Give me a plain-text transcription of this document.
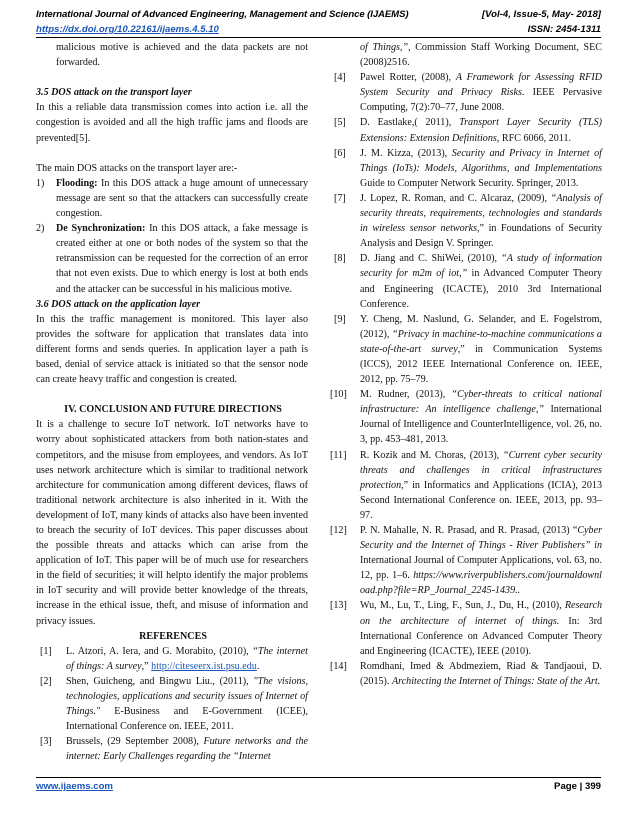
International Journal of Advanced Engineering, Management and Science (IJAEMS)	[Vol-4, Issue-5, May- 2018]
https://dx.doi.org/10.22161/ijaems.4.5.10	ISSN: 2454-1311

malicious motive is achieved and the data packets are not forwarded.

3.5 DOS attack on the transport layer

In this a reliable data transmission comes into action i.e. all the congestion is avoided and all the high traffic jams and floods are prevented[5].

The main DOS attacks on the transport layer are:-

1) Flooding: In this DOS attack a huge amount of unnecessary message are sent so that the attackers can successfully create congestion.

2) De Synchronization: In this DOS attack, a fake message is created either at one or both nodes of the system so that the retransmission can be requested for the correction of an error that not even exists. Due to which energy is lost at both ends and the attacker can be successful in his malicious motive.

3.6 DOS attack on the application layer

In this the traffic management is monitored. This layer also provides the software for application that translates data into different forms and sends queries. In application layer a path is based, denial of service attack is initiated so that the sensor node can create heavy traffic and congestion is created.

IV. CONCLUSION AND FUTURE DIRECTIONS

It is a challenge to secure IoT network. IoT networks have to worry about sophisticated attackers from both nation-states and competitors, and the misuse from employees, and vendors. As IoT uses network architecture which is similar to traditional network architecture for communication among different devices, flaws of traditional network architecture is also inherited in it. With the development of IoT, many kinds of attacks also have been invented to breach the security of IoT devices. This paper discusses about the possible threats and attacks which can arise from the application of IoT. This paper will be of much use for researchers in the field of securities; it will helpto identify the major problems in IoT security and will provide better knowledge of the threats, increase in the ethical issue, theft, and misuse of information and privacy issues.

REFERENCES

[1] L. Atzori, A. Iera, and G. Morabito, (2010), “The internet of things: A survey,” http://citeseerx.ist.psu.edu.

[2] Shen, Guicheng, and Bingwu Liu., (2011), "The visions, technologies, applications and security issues of Internet of Things." E-Business and E-Government (ICEE), International Conference on. IEEE, 2011.

[3] Brussels, (29 September 2008), Future networks and the internet: Early Challenges regarding the “Internet

of Things,”, Commission Staff Working Document, SEC (2008)2516.

[4] Pawel Rotter, (2008), A Framework for Assessing RFID System Security and Privacy Risks. IEEE Pervasive Computing, 7(2):70–77, June 2008.

[5] D. Eastlake,( 2011), Transport Layer Security (TLS) Extensions: Extension Definitions, RFC 6066, 2011.

[6] J. M. Kizza, (2013), Security and Privacy in Internet of Things (IoTs): Models, Algorithms, and Implementations Guide to Computer Network Security. Springer, 2013.

[7] J. Lopez, R. Roman, and C. Alcaraz, (2009), “Analysis of security threats, requirements, technologies and standards in wireless sensor networks,” in Foundations of Security Analysis and Design V. Springer.

[8] D. Jiang and C. ShiWei, (2010), “A study of information security for m2m of iot,” in Advanced Computer Theory and Engineering (ICACTE), 2010 3rd International Conference.

[9] Y. Cheng, M. Naslund, G. Selander, and E. Fogelstrom, (2012), “Privacy in machine-to-machine communications a state-of-the-art survey,” in Communication Systems (ICCS), 2012 IEEE International Conference on. IEEE, 2012, pp. 75–79.

[10] M. Rudner, (2013), “Cyber-threats to critical national infrastructure: An intelligence challenge,” International Journal of Intelligence and CounterIntelligence, vol. 26, no. 3, pp. 453–481, 2013.

[11] R. Kozik and M. Choras, (2013), “Current cyber security threats and challenges in critical infrastructures protection,” in Informatics and Applications (ICIA), 2013 Second International Conference on. IEEE, 2013, pp. 93–97.

[12] P. N. Mahalle, N. R. Prasad, and R. Prasad, (2013) “Cyber Security and the Internet of Things - River Publishers” in International Journal of Computer Applications, vol. 63, no. 12, pp. 1–6. https://www.riverpublishers.com/journaldownload.php?file=RP_Journal_2245-1439..

[13] Wu, M., Lu, T., Ling, F., Sun, J., Du, H., (2010), Research on the architecture of internet of things. In: 3rd International Conference on Advanced Computer Theory and Engineering (ICACTE), IEEE (2010).

[14] Romdhani, Imed & Abdmeziem, Riad & Tandjaoui, D. (2015). Architecting the Internet of Things: State of the Art.

www.ijaems.com	Page | 399
